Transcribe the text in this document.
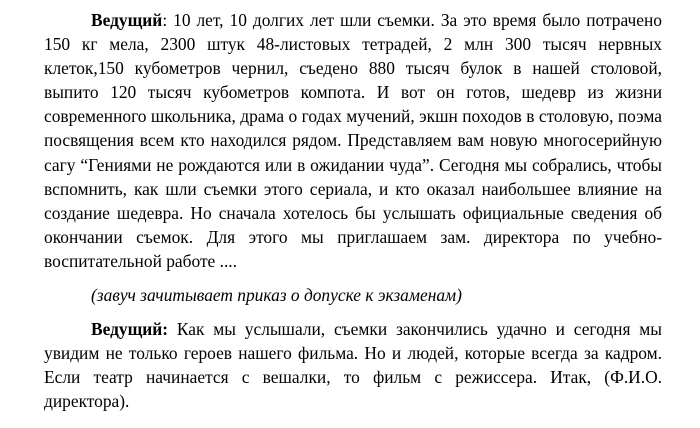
Ведущий: 10 лет, 10 долгих лет шли съемки. За это время было потрачено 150 кг мела, 2300 штук 48-листовых тетрадей, 2 млн 300 тысяч нервных клеток,150 кубометров чернил, съедено 880 тысяч булок в нашей столовой, выпито 120 тысяч кубометров компота. И вот он готов, шедевр из жизни современного школьника, драма о годах мучений, экшн походов в столовую, поэма посвящения всем кто находился рядом. Представляем вам новую многосерийную сагу “Гениями не рождаются или в ожидании чуда”. Сегодня мы собрались, чтобы вспомнить, как шли съемки этого сериала, и кто оказал наибольшее влияние на создание шедевра. Но сначала хотелось бы услышать официальные сведения об окончании съемок. Для этого мы приглашаем зам. директора по учебно-воспитательной работе ....

(завуч зачитывает приказ о допуске к экзаменам)

Ведущий: Как мы услышали, съемки закончились удачно и сегодня мы увидим не только героев нашего фильма. Но и людей, которые всегда за кадром. Если театр начинается с вешалки, то фильм с режиссера. Итак, (Ф.И.О. директора).
